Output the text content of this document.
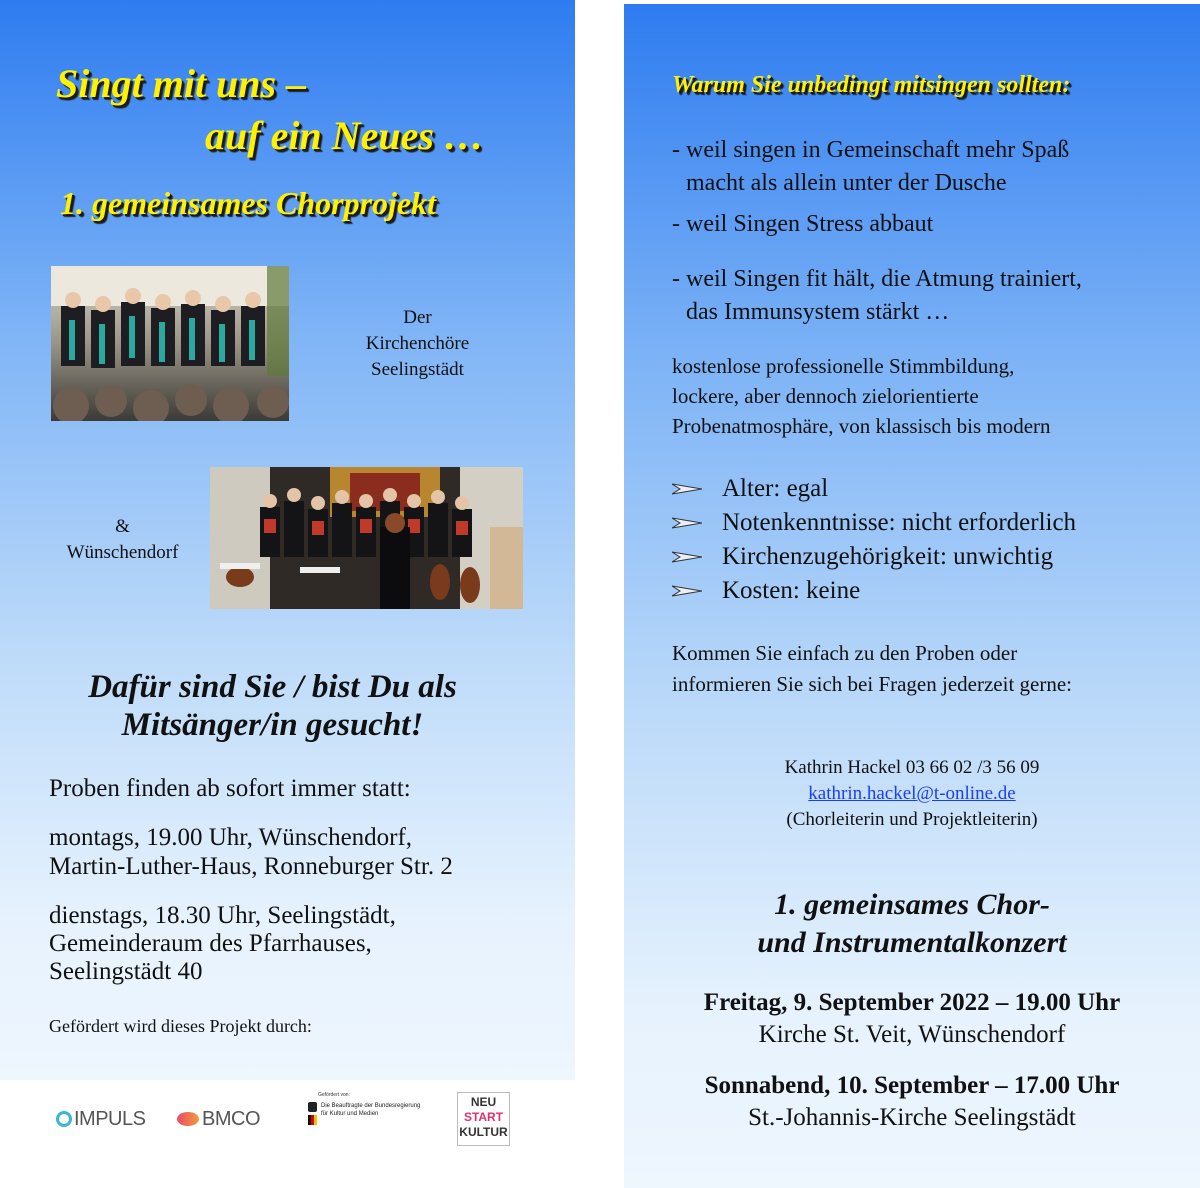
Singt mit uns –
auf ein Neues …
1. gemeinsames Chorprojekt
Der
Kirchenchöre
Seelingstädt
&
Wünschendorf
Dafür sind Sie / bist Du als
Mitsänger/in gesucht!
Proben finden ab sofort immer statt:
montags, 19.00 Uhr, Wünschendorf,
Martin-Luther-Haus, Ronneburger Str. 2
dienstags, 18.30 Uhr, Seelingstädt,
Gemeinderaum des Pfarrhauses,
Seelingstädt 40
Gefördert wird dieses Projekt durch:
IMPULS	BMCO
Gefördert von:
Die Beauftragte der Bundesregierung
für Kultur und Medien
NEU
START
KULTUR
Warum Sie unbedingt mitsingen sollten:
- weil singen in Gemeinschaft mehr Spaß
macht als allein unter der Dusche
- weil Singen Stress abbaut
- weil Singen fit hält, die Atmung trainiert,
das Immunsystem stärkt …
kostenlose professionelle Stimmbildung,
lockere, aber dennoch zielorientierte
Probenatmosphäre, von klassisch bis modern
Alter: egal
Notenkenntnisse: nicht erforderlich
Kirchenzugehörigkeit: unwichtig
Kosten: keine
Kommen Sie einfach zu den Proben oder
informieren Sie sich bei Fragen jederzeit gerne:
Kathrin Hackel 03 66 02 /3 56 09
kathrin.hackel@t-online.de
(Chorleiterin und Projektleiterin)
1. gemeinsames Chor-
und Instrumentalkonzert
Freitag, 9. September 2022 – 19.00 Uhr
Kirche St. Veit, Wünschendorf
Sonnabend, 10. September – 17.00 Uhr
St.-Johannis-Kirche Seelingstädt
